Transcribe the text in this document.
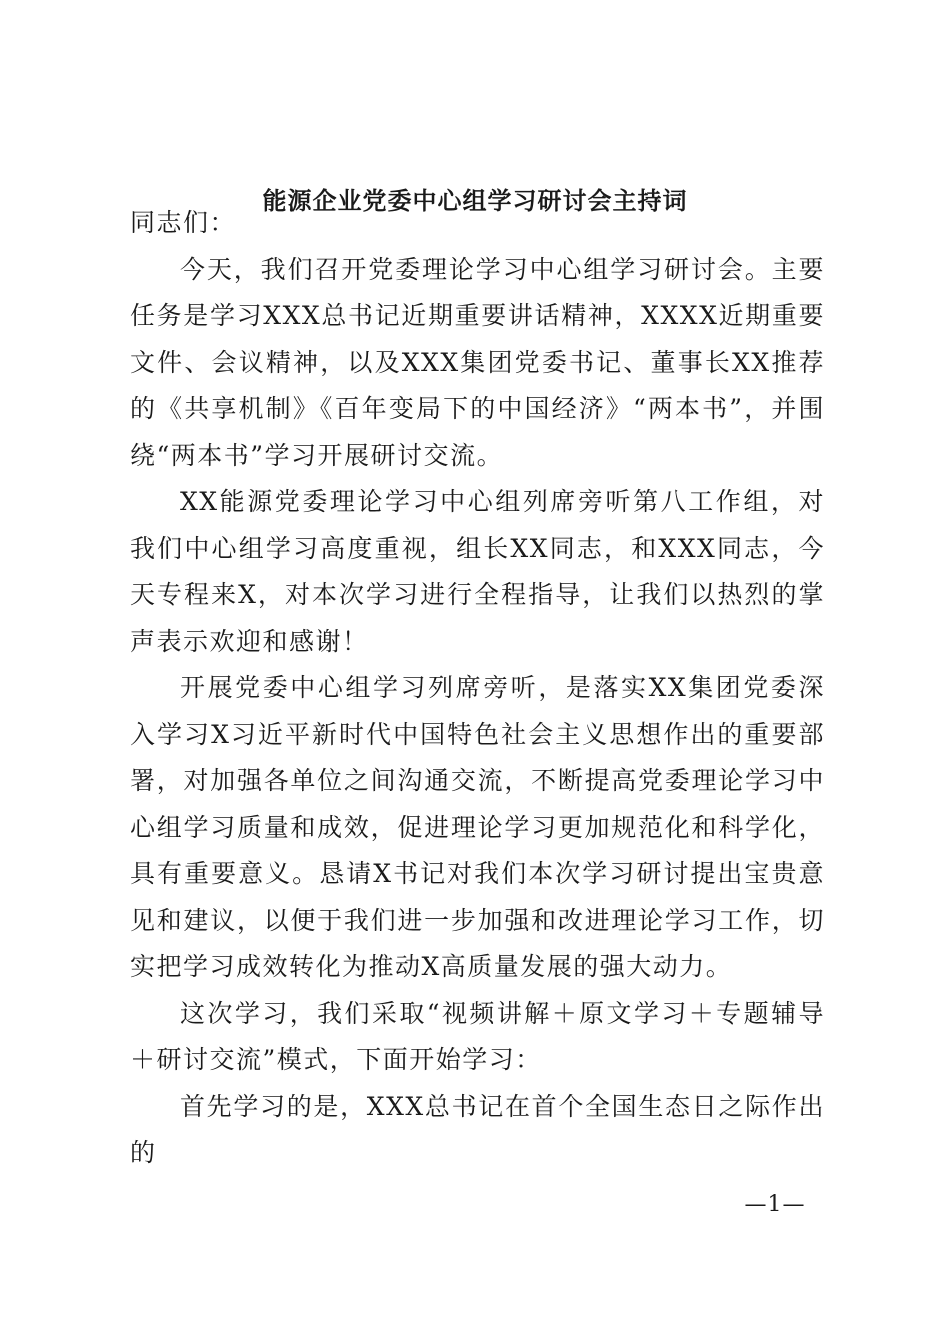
能源企业党委中心组学习研讨会主持词

同志们：

今天，我们召开党委理论学习中心组学习研讨会。主要任务是学习XXX总书记近期重要讲话精神，XXXX近期重要文件、会议精神，以及XXX集团党委书记、董事长XX推荐的《共享机制》《百年变局下的中国经济》“两本书”，并围绕“两本书”学习开展研讨交流。

XX能源党委理论学习中心组列席旁听第八工作组，对我们中心组学习高度重视，组长XX同志，和XXX同志，今天专程来X，对本次学习进行全程指导，让我们以热烈的掌声表示欢迎和感谢！

开展党委中心组学习列席旁听，是落实XX集团党委深入学习X习近平新时代中国特色社会主义思想作出的重要部署，对加强各单位之间沟通交流，不断提高党委理论学习中心组学习质量和成效，促进理论学习更加规范化和科学化，具有重要意义。恳请X书记对我们本次学习研讨提出宝贵意见和建议，以便于我们进一步加强和改进理论学习工作，切实把学习成效转化为推动X高质量发展的强大动力。

这次学习，我们采取“视频讲解＋原文学习＋专题辅导＋研讨交流”模式，下面开始学习：

首先学习的是，XXX总书记在首个全国生态日之际作出的

—1—
